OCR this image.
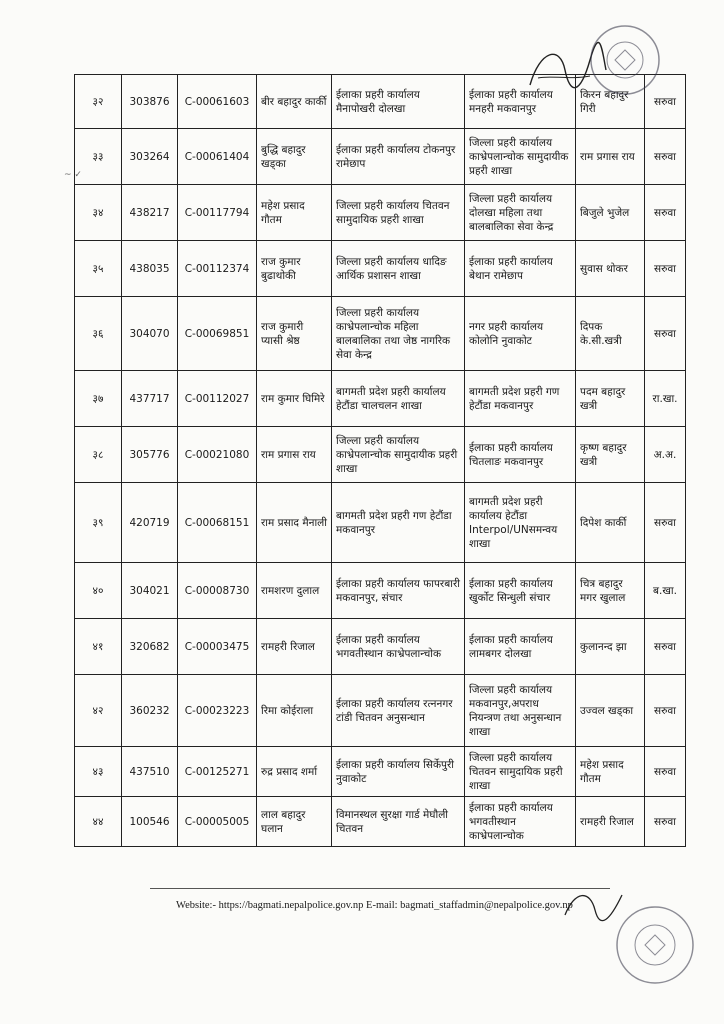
~ ✓
३२	303876	C-00061603	बीर बहादुर कार्की	ईलाका प्रहरी कार्यालय मैनापोखरी दोलखा	ईलाका प्रहरी कार्यालय मनहरी मकवानपुर	किरन बहादुर गिरी	सरुवा
३३	303264	C-00061404	बुद्धि बहादुर खड्का	ईलाका प्रहरी कार्यालय टोकनपुर रामेछाप	जिल्ला प्रहरी कार्यालय काभ्रेपलान्चोक सामुदायीक प्रहरी शाखा	राम प्रगास राय	सरुवा
३४	438217	C-00117794	महेश प्रसाद गौतम	जिल्ला प्रहरी कार्यालय चितवन सामुदायिक प्रहरी शाखा	जिल्ला प्रहरी कार्यालय दोलखा महिला तथा बालबालिका सेवा केन्द्र	बिजुले भुजेल	सरुवा
३५	438035	C-00112374	राज कुमार बुढाथोकी	जिल्ला प्रहरी कार्यालय धादिङ आर्थिक प्रशासन शाखा	ईलाका प्रहरी कार्यालय बेथान रामेछाप	सुवास थोकर	सरुवा
३६	304070	C-00069851	राज कुमारी प्यासी श्रेष्ठ	जिल्ला प्रहरी कार्यालय काभ्रेपलान्चोक महिला बालबालिका तथा जेष्ठ नागरिक सेवा केन्द्र	नगर प्रहरी कार्यालय कोलोनि नुवाकोट	दिपक के.सी.खत्री	सरुवा
३७	437717	C-00112027	राम कुमार घिमिरे	बागमती प्रदेश प्रहरी कार्यालय हेटौंडा चालचलन शाखा	बागमती प्रदेश प्रहरी गण हेटौंडा मकवानपुर	पदम बहादुर खत्री	रा.खा.
३८	305776	C-00021080	राम प्रगास राय	जिल्ला प्रहरी कार्यालय काभ्रेपलान्चोक सामुदायीक प्रहरी शाखा	ईलाका प्रहरी कार्यालय चितलाङ मकवानपुर	कृष्ण बहादुर खत्री	अ.अ.
३९	420719	C-00068151	राम प्रसाद मैनाली	बागमती प्रदेश प्रहरी गण हेटौंडा मकवानपुर	बागमती प्रदेश प्रहरी कार्यालय हेटौंडा Interpol/UNसमन्वय शाखा	दिपेश कार्की	सरुवा
४०	304021	C-00008730	रामशरण दुलाल	ईलाका प्रहरी कार्यालय फापरबारी मकवानपुर, संचार	ईलाका प्रहरी कार्यालय खुर्कोट सिन्धुली संचार	चित्र बहादुर मगर खुलाल	ब.खा.
४१	320682	C-00003475	रामहरी रिजाल	ईलाका प्रहरी कार्यालय भगवतीस्थान काभ्रेपलान्चोक	ईलाका प्रहरी कार्यालय लामबगर दोलखा	कुलानन्द झा	सरुवा
४२	360232	C-00023223	रिमा कोईराला	ईलाका प्रहरी कार्यालय रत्ननगर टांडी चितवन अनुसन्धान	जिल्ला प्रहरी कार्यालय मकवानपुर,अपराध नियन्त्रण तथा अनुसन्धान शाखा	उज्वल खड्का	सरुवा
४३	437510	C-00125271	रुद्र प्रसाद शर्मा	ईलाका प्रहरी कार्यालय सिर्केपुरी नुवाकोट	जिल्ला प्रहरी कार्यालय चितवन सामुदायिक प्रहरी शाखा	महेश प्रसाद गौतम	सरुवा
४४	100546	C-00005005	लाल बहादुर घलान	विमानस्थल सुरक्षा गार्ड मेघौली चितवन	ईलाका प्रहरी कार्यालय भगवतीस्थान काभ्रेपलान्चोक	रामहरी रिजाल	सरुवा
Website:- https://bagmati.nepalpolice.gov.np E-mail: bagmati_staffadmin@nepalpolice.gov.np
